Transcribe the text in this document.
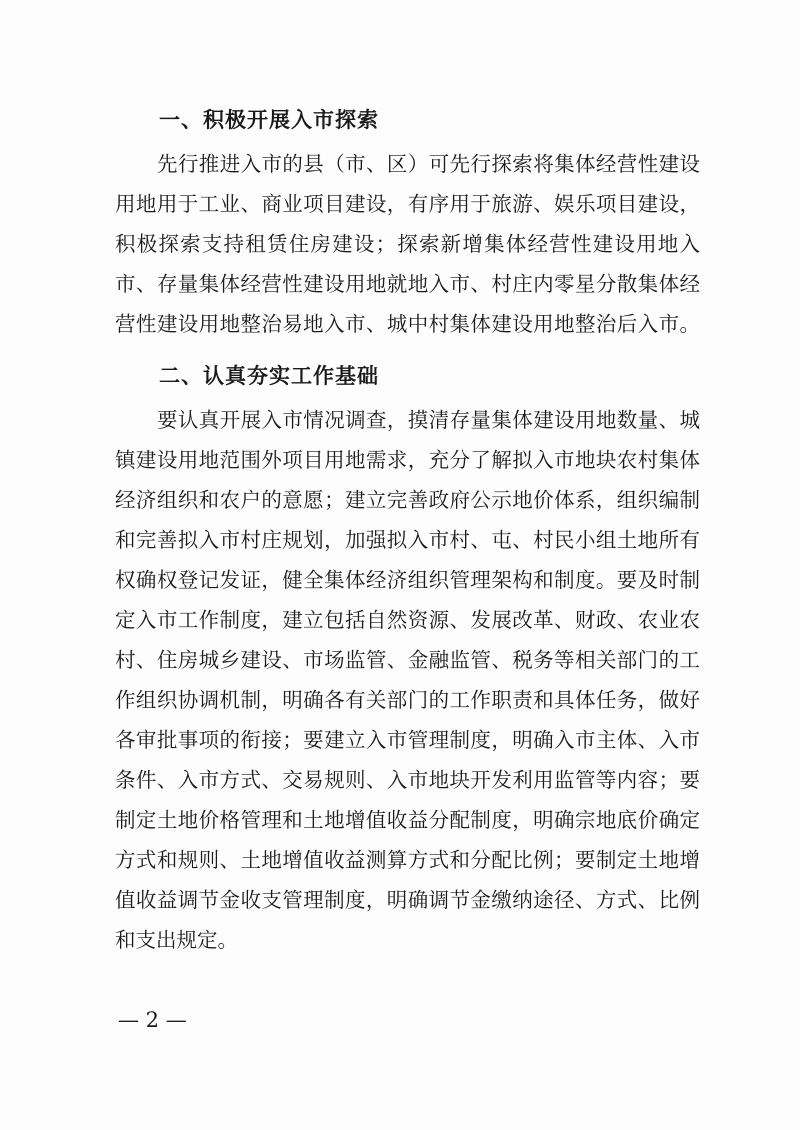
一、积极开展入市探索
先行推进入市的县（市、区）可先行探索将集体经营性建设
用地用于工业、商业项目建设，有序用于旅游、娱乐项目建设，
积极探索支持租赁住房建设；探索新增集体经营性建设用地入
市、存量集体经营性建设用地就地入市、村庄内零星分散集体经
营性建设用地整治易地入市、城中村集体建设用地整治后入市。
二、认真夯实工作基础
要认真开展入市情况调查，摸清存量集体建设用地数量、城
镇建设用地范围外项目用地需求，充分了解拟入市地块农村集体
经济组织和农户的意愿；建立完善政府公示地价体系，组织编制
和完善拟入市村庄规划，加强拟入市村、屯、村民小组土地所有
权确权登记发证，健全集体经济组织管理架构和制度。要及时制
定入市工作制度，建立包括自然资源、发展改革、财政、农业农
村、住房城乡建设、市场监管、金融监管、税务等相关部门的工
作组织协调机制，明确各有关部门的工作职责和具体任务，做好
各审批事项的衔接；要建立入市管理制度，明确入市主体、入市
条件、入市方式、交易规则、入市地块开发利用监管等内容；要
制定土地价格管理和土地增值收益分配制度，明确宗地底价确定
方式和规则、土地增值收益测算方式和分配比例；要制定土地增
值收益调节金收支管理制度，明确调节金缴纳途径、方式、比例
和支出规定。
— 2 —
